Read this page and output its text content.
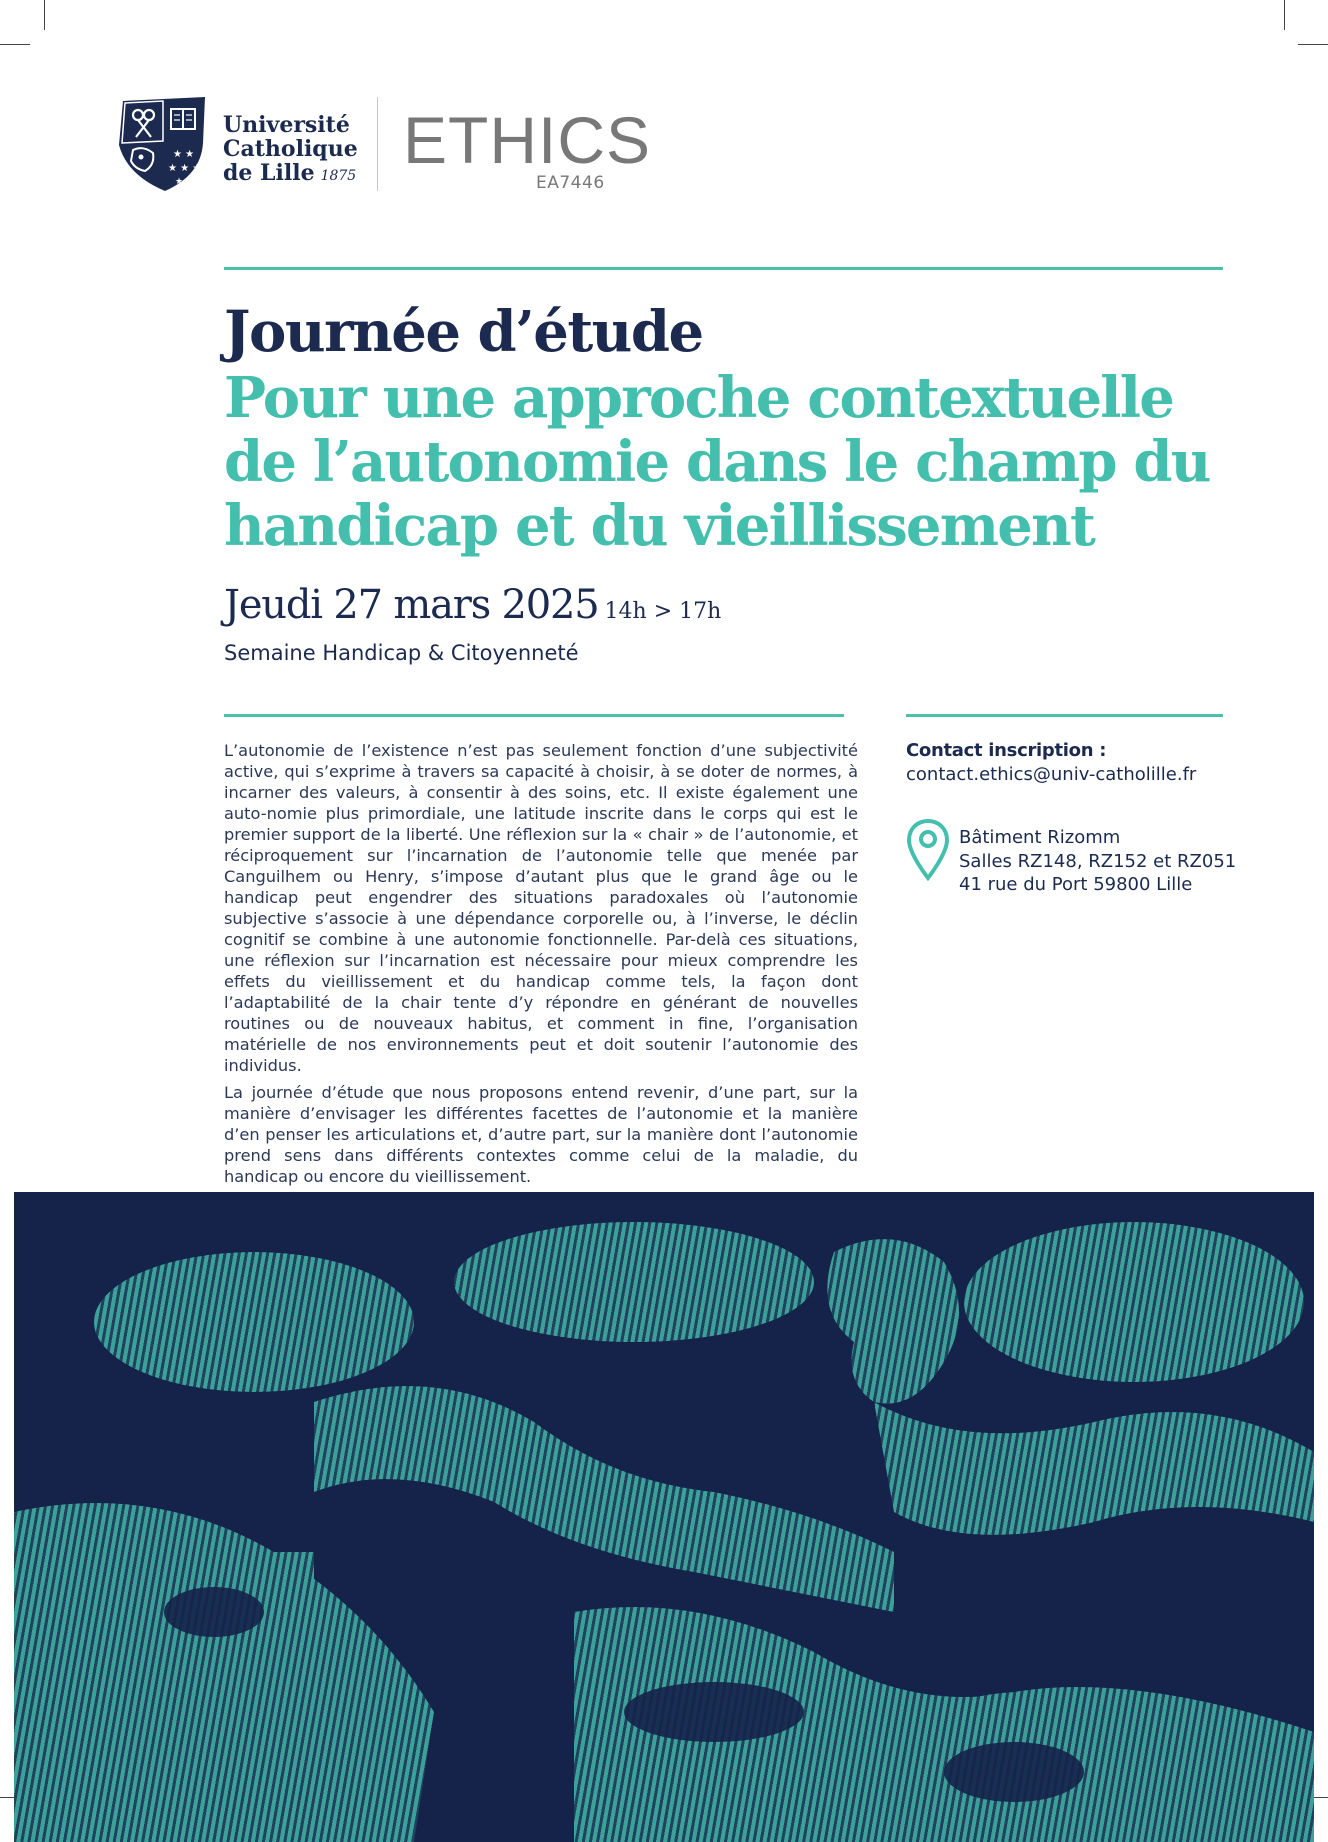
★ ★
★ ★ ★
★ ★
Université
Catholique
de Lille 1875 ETHICS
EA7446
Journée d’étude
Pour une approche contextuelle de l’autonomie dans le champ du handicap et du vieillissement
Jeudi 27 mars 2025 14h > 17h
Semaine Handicap & Citoyenneté

L’autonomie de l’existence n’est pas seulement fonction d’une subjectivité active, qui s’exprime à travers sa capacité à choisir, à se doter de normes, à incarner des valeurs, à consentir à des soins, etc. Il existe également une auto-nomie plus primordiale, une latitude inscrite dans le corps qui est le premier support de la liberté. Une réflexion sur la « chair » de l’autonomie, et réciproquement sur l’incarnation de l’autonomie telle que menée par Canguilhem ou Henry, s’impose d’autant plus que le grand âge ou le handicap peut engendrer des situations paradoxales où l’autonomie subjective s’associe à une dépendance corporelle ou, à l’inverse, le déclin cognitif se combine à une autonomie fonctionnelle. Par-delà ces situations, une réflexion sur l’incarnation est nécessaire pour mieux comprendre les effets du vieillissement et du handicap comme tels, la façon dont l’adaptabilité de la chair tente d’y répondre en générant de nouvelles routines ou de nouveaux habitus, et comment in fine, l’organisation matérielle de nos environnements peut et doit soutenir l’autonomie des individus.

La journée d’étude que nous proposons entend revenir, d’une part, sur la manière d’envisager les différentes facettes de l’autonomie et la manière d’en penser les articulations et, d’autre part, sur la manière dont l’autonomie prend sens dans différents contextes comme celui de la maladie, du handicap ou encore du vieillissement.

Contact inscription :
contact.ethics@univ-catholille.fr
Bâtiment Rizomm
Salles RZ148, RZ152 et RZ051
41 rue du Port 59800 Lille
